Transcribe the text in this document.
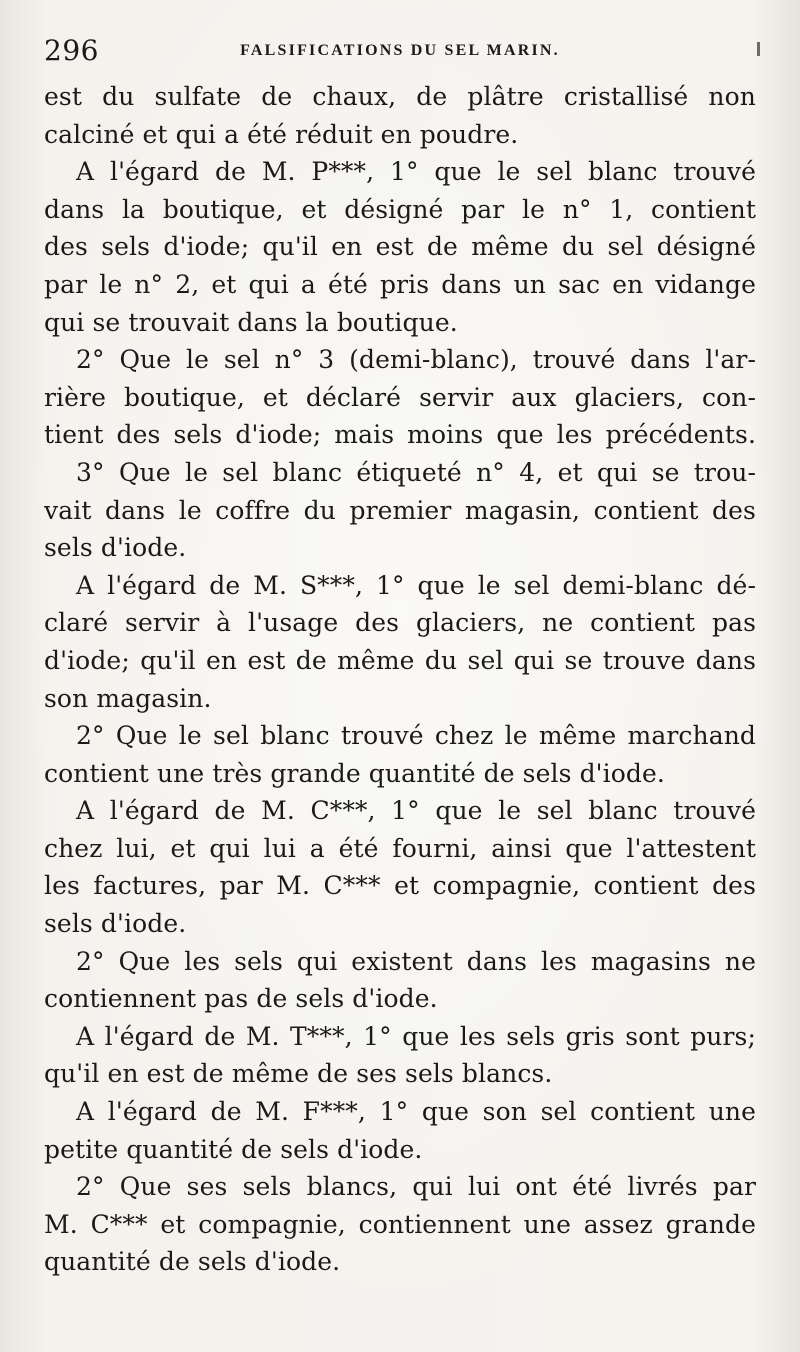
296	FALSIFICATIONS DU SEL MARIN.
est du sulfate de chaux, de plâtre cristallisé non
calciné et qui a été réduit en poudre.
A l'égard de M. P***, 1° que le sel blanc trouvé
dans la boutique, et désigné par le n° 1, contient
des sels d'iode; qu'il en est de même du sel désigné
par le n° 2, et qui a été pris dans un sac en vidange
qui se trouvait dans la boutique.
2° Que le sel n° 3 (demi-blanc), trouvé dans l'ar-
rière boutique, et déclaré servir aux glaciers, con-
tient des sels d'iode; mais moins que les précédents.
3° Que le sel blanc étiqueté n° 4, et qui se trou-
vait dans le coffre du premier magasin, contient des
sels d'iode.
A l'égard de M. S***, 1° que le sel demi-blanc dé-
claré servir à l'usage des glaciers, ne contient pas
d'iode; qu'il en est de même du sel qui se trouve dans
son magasin.
2° Que le sel blanc trouvé chez le même marchand
contient une très grande quantité de sels d'iode.
A l'égard de M. C***, 1° que le sel blanc trouvé
chez lui, et qui lui a été fourni, ainsi que l'attestent
les factures, par M. C*** et compagnie, contient des
sels d'iode.
2° Que les sels qui existent dans les magasins ne
contiennent pas de sels d'iode.
A l'égard de M. T***, 1° que les sels gris sont purs;
qu'il en est de même de ses sels blancs.
A l'égard de M. F***, 1° que son sel contient une
petite quantité de sels d'iode.
2° Que ses sels blancs, qui lui ont été livrés par
M. C*** et compagnie, contiennent une assez grande
quantité de sels d'iode.
